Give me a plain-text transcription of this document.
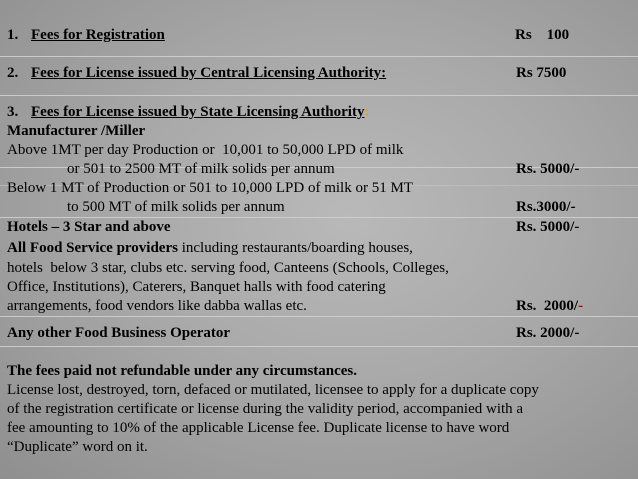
1. Fees for Registration	Rs    100
2. Fees for License issued by Central Licensing Authority:	Rs 7500
3. Fees for License issued by State Licensing Authority:
Manufacturer /Miller
Above 1MT per day Production or  10,001 to 50,000 LPD of milk
or 501 to 2500 MT of milk solids per annum	Rs. 5000/-
Below 1 MT of Production or 501 to 10,000 LPD of milk or 51 MT
to 500 MT of milk solids per annum	Rs.3000/-
Hotels – 3 Star and above	Rs. 5000/-
All Food Service providers including restaurants/boarding houses,
hotels  below 3 star, clubs etc. serving food, Canteens (Schools, Colleges,
Office, Institutions), Caterers, Banquet halls with food catering
arrangements, food vendors like dabba wallas etc.	Rs.  2000/-
Any other Food Business Operator	Rs. 2000/-
The fees paid not refundable under any circumstances.
License lost, destroyed, torn, defaced or mutilated, licensee to apply for a duplicate copy
of the registration certificate or license during the validity period, accompanied with a
fee amounting to 10% of the applicable License fee. Duplicate license to have word
“Duplicate” word on it.
